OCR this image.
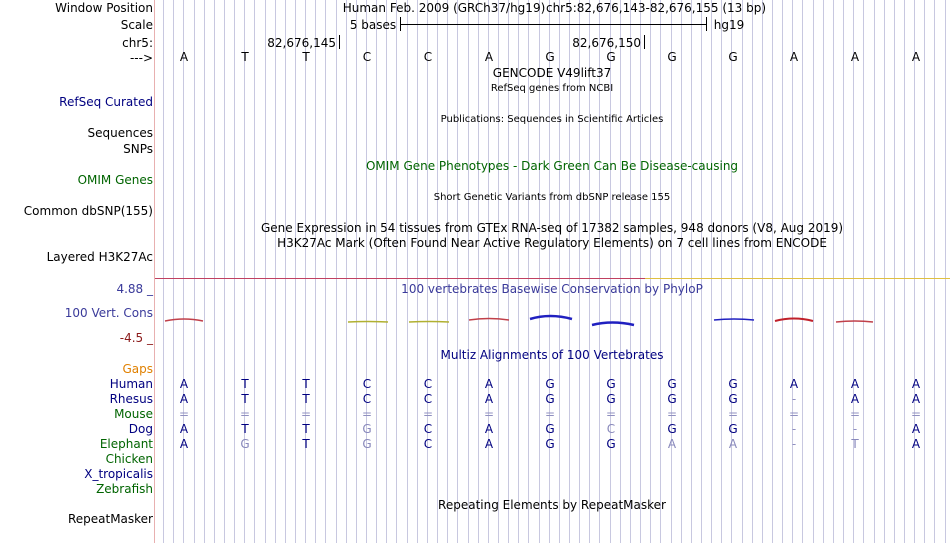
Window Position	Human Feb. 2009 (GRCh37/hg19) chr5:82,676,143-82,676,155 (13 bp)
Scale	5 bases	hg19
chr5:	82,676,145	82,676,150
--->
GENCODE V49lift37
RefSeq genes from NCBI
RefSeq Curated
Publications: Sequences in Scientific Articles
Sequences
SNPs
OMIM Gene Phenotypes - Dark Green Can Be Disease-causing
OMIM Genes
Short Genetic Variants from dbSNP release 155
Common dbSNP(155)
Gene Expression in 54 tissues from GTEx RNA-seq of 17382 samples, 948 donors (V8, Aug 2019)
H3K27Ac Mark (Often Found Near Active Regulatory Elements) on 7 cell lines from ENCODE
Layered H3K27Ac
4.88 _	100 vertebrates Basewise Conservation by PhyloP
100 Vert. Cons
-4.5 _
Multiz Alignments of 100 Vertebrates
Gaps
Repeating Elements by RepeatMasker
RepeatMasker
A	T	T	C	C	A	G	G	G	G	A	A	A
Human A	T	T	C	C	A	G	G	G	G	A	A	A
Rhesus A	T	T	C	C	A	G	G	G	G	-	A	A
Mouse =	=	=	=	=	=	=	=	=	=	=	=	=
Dog A	T	T	G	C	A	G	C	G	G	-	-	A
Elephant A	G	T	G	C	A	G	G	A	A	-	T	A
Chicken
X_tropicalis
Zebrafish
